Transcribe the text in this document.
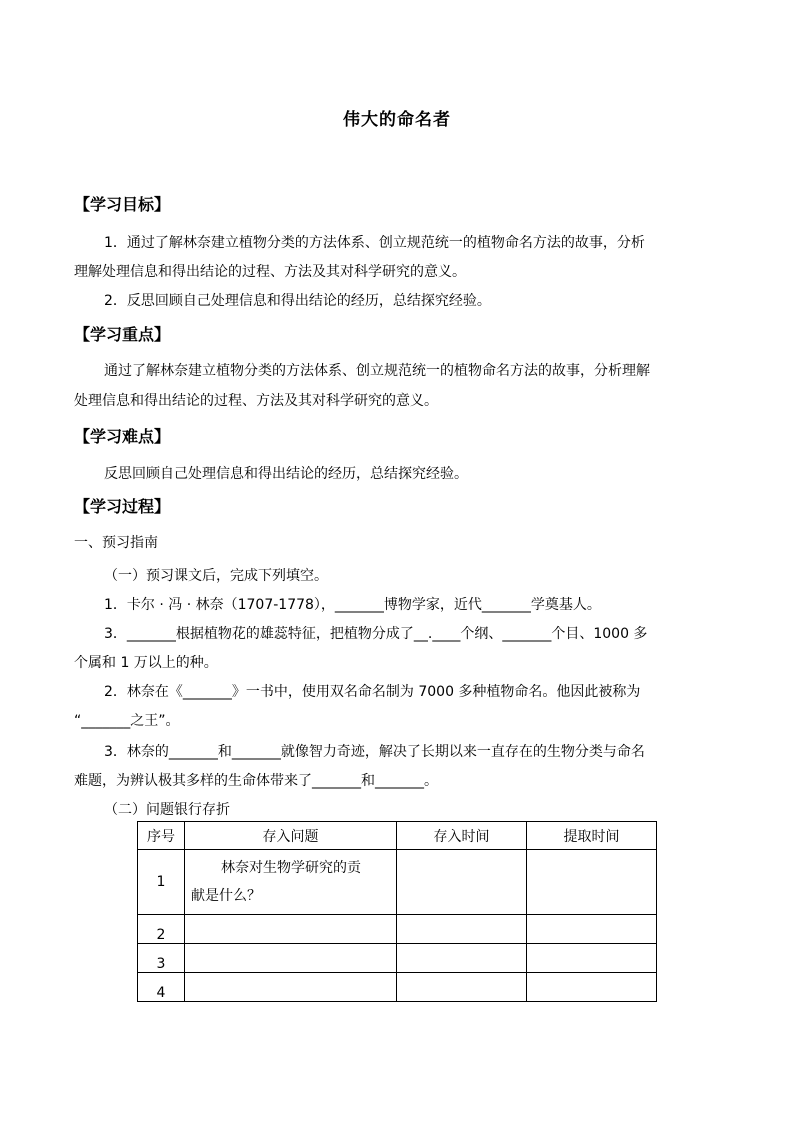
伟大的命名者
【学习目标】
1．通过了解林奈建立植物分类的方法体系、创立规范统一的植物命名方法的故事，分析
理解处理信息和得出结论的过程、方法及其对科学研究的意义。
2．反思回顾自己处理信息和得出结论的经历，总结探究经验。
【学习重点】
通过了解林奈建立植物分类的方法体系、创立规范统一的植物命名方法的故事，分析理解
处理信息和得出结论的过程、方法及其对科学研究的意义。
【学习难点】
反思回顾自己处理信息和得出结论的经历，总结探究经验。
【学习过程】
一、预习指南
（一）预习课文后，完成下列填空。
1．卡尔 · 冯 · 林奈（1707-1778），_______博物学家，近代_______学奠基人。
3．_______根据植物花的雄蕊特征，把植物分成了__.____个纲、_______个目、1000 多
个属和 1 万以上的种。
2．林奈在《_______》一书中，使用双名命名制为 7000 多种植物命名。他因此被称为
“_______之王”。
3．林奈的_______和_______就像智力奇迹，解决了长期以来一直存在的生物分类与命名
难题，为辨认极其多样的生命体带来了_______和_______。
（二）问题银行存折
序号	存入问题	存入时间	提取时间
1	林奈对生物学研究的贡
献是什么？		

2			
3			
4			
